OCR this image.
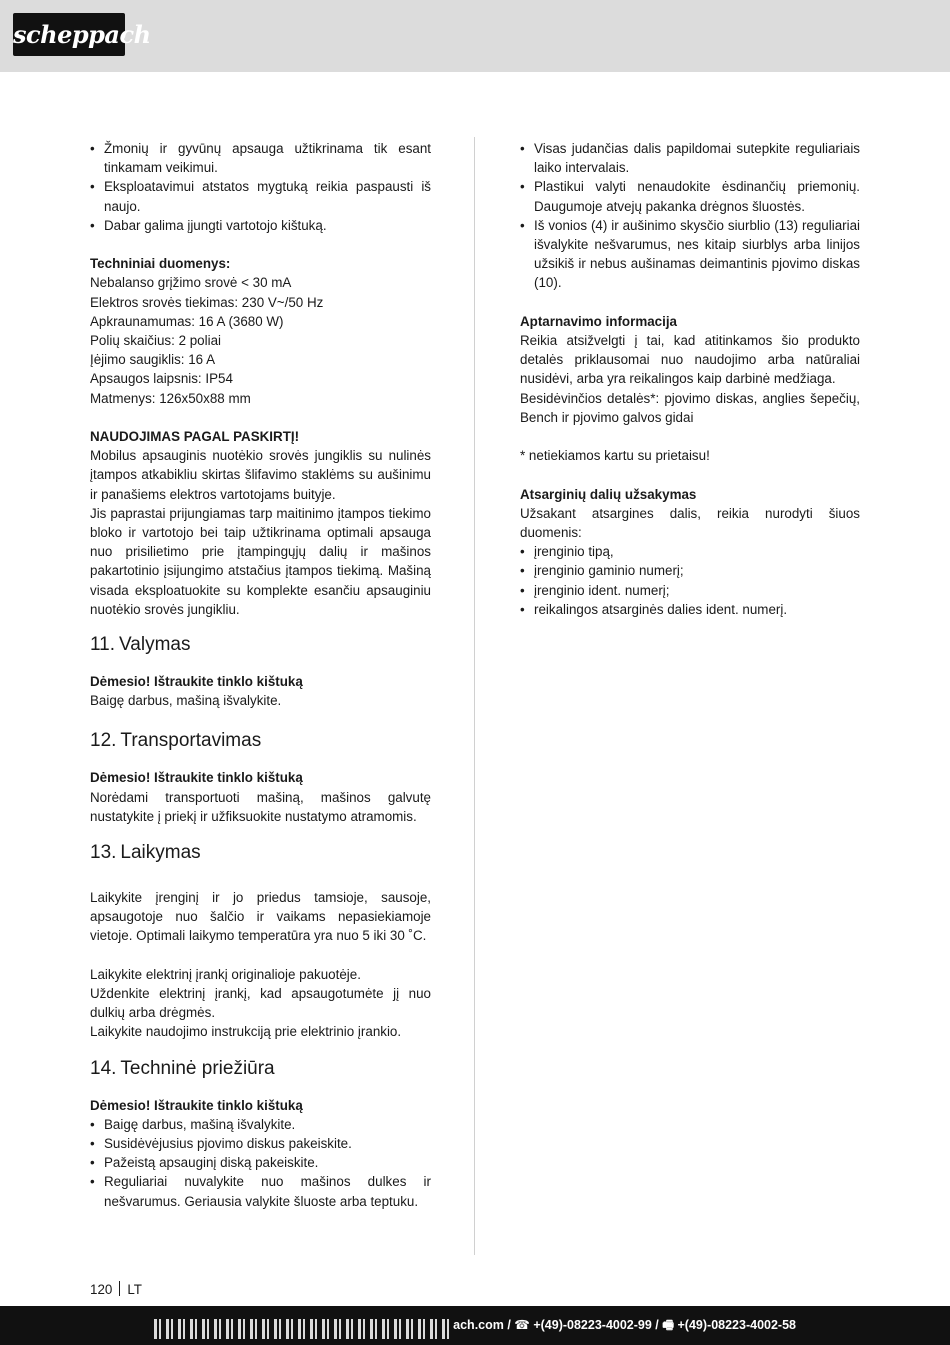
scheppach
• Žmonių ir gyvūnų apsauga užtikrinama tik esant tinkamam veikimui.
• Eksploatavimui atstatos mygtuką reikia paspausti iš naujo.
• Dabar galima įjungti vartotojo kištuką.

Techniniai duomenys:

Nebalanso grįžimo srovė < 30 mA

Elektros srovės tiekimas: 230 V~/50 Hz

Apkraunamumas: 16 A (3680 W)

Polių skaičius: 2 poliai

Įėjimo saugiklis: 16 A

Apsaugos laipsnis: IP54

Matmenys: 126x50x88 mm

NAUDOJIMAS PAGAL PASKIRTĮ!

Mobilus apsauginis nuotėkio srovės jungiklis su nulinės įtampos atkabikliu skirtas šlifavimo staklėms su aušinimu ir panašiems elektros vartotojams buityje.

Jis paprastai prijungiamas tarp maitinimo įtampos tiekimo bloko ir vartotojo bei taip užtikrinama optimali apsauga nuo prisilietimo prie įtampingųjų dalių ir mašinos pakartotinio įsijungimo atstačius įtampos tiekimą. Mašiną visada eksploatuokite su komplekte esančiu apsauginiu nuotėkio srovės jungikliu.

11. Valymas

Dėmesio! Ištraukite tinklo kištuką

Baigę darbus, mašiną išvalykite.

12. Transportavimas

Dėmesio! Ištraukite tinklo kištuką

Norėdami transportuoti mašiną, mašinos galvutę nustatykite į priekį ir užfiksuokite nustatymo atramomis.

13. Laikymas

Laikykite įrenginį ir jo priedus tamsioje, sausoje, apsaugotoje nuo šalčio ir vaikams nepasiekiamoje vietoje. Optimali laikymo temperatūra yra nuo 5 iki 30 ˚C.

Laikykite elektrinį įrankį originalioje pakuotėje.

Uždenkite elektrinį įrankį, kad apsaugotumėte jį nuo dulkių arba drėgmės.

Laikykite naudojimo instrukciją prie elektrinio įrankio.

14. Techninė priežiūra

Dėmesio! Ištraukite tinklo kištuką

• Baigę darbus, mašiną išvalykite.
• Susidėvėjusius pjovimo diskus pakeiskite.
• Pažeistą apsauginį diską pakeiskite.
• Reguliariai nuvalykite nuo mašinos dulkes ir nešvarumus. Geriausia valykite šluoste arba teptuku.
• Visas judančias dalis papildomai sutepkite reguliariais laiko intervalais.
• Plastikui valyti nenaudokite ėsdinančių priemonių. Daugumoje atvejų pakanka drėgnos šluostės.
• Iš vonios (4) ir aušinimo skysčio siurblio (13) reguliariai išvalykite nešvarumus, nes kitaip siurblys arba linijos užsikiš ir nebus aušinamas deimantinis pjovimo diskas (10).

Aptarnavimo informacija

Reikia atsižvelgti į tai, kad atitinkamos šio produkto detalės priklausomai nuo naudojimo arba natūraliai nusidėvi, arba yra reikalingos kaip darbinė medžiaga.

Besidėvinčios detalės*: pjovimo diskas, anglies šepečių, Bench ir pjovimo galvos gidai

* netiekiamos kartu su prietaisu!

Atsarginių dalių užsakymas

Užsakant atsargines dalis, reikia nurodyti šiuos duomenis:

• įrenginio tipą,
• įrenginio gaminio numerį;
• įrenginio ident. numerį;
• reikalingos atsarginės dalies ident. numerį.
120 LT
ach.com / ☎ +(49)-08223-4002-99 / 🖷 +(49)-08223-4002-58
